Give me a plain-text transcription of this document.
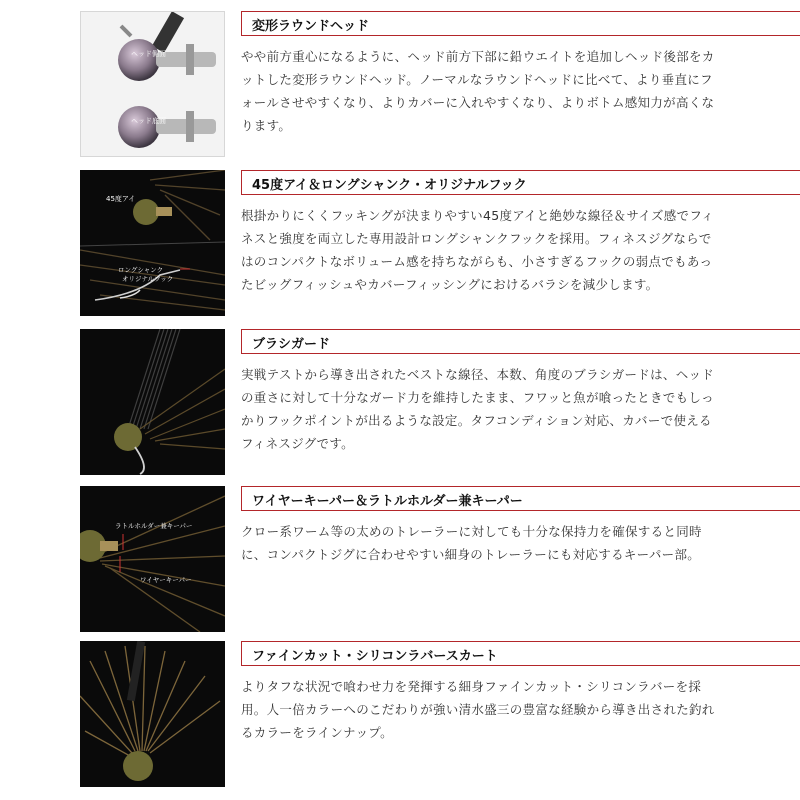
ヘッド側面
ヘッド底面
変形ラウンドヘッド

やや前方重心になるように、ヘッド前方下部に鉛ウエイトを追加しヘッド後部をカットした変形ラウンドヘッド。ノーマルなラウンドヘッドに比べて、より垂直にフォールさせやすくなり、よりカバーに入れやすくなり、よりボトム感知力が高くなります。

45度アイ
ロングシャンク
オリジナルフック
45度アイ＆ロングシャンク・オリジナルフック

根掛かりにくくフッキングが決まりやすい45度アイと絶妙な線径＆サイズ感でフィネスと強度を両立した専用設計ロングシャンクフックを採用。フィネスジグならではのコンパクトなボリューム感を持ちながらも、小さすぎるフックの弱点でもあったビッグフィッシュやカバーフィッシングにおけるバラシを減少します。

ブラシガード

実戦テストから導き出されたベストな線径、本数、角度のブラシガードは、ヘッドの重さに対して十分なガード力を維持したまま、フワッと魚が喰ったときでもしっかりフックポイントが出るような設定。タフコンディション対応、カバーで使えるフィネスジグです。

ラトルホルダー兼キーパー
ワイヤーキーパー
ワイヤーキーパー＆ラトルホルダー兼キーパー

クロー系ワーム等の太めのトレーラーに対しても十分な保持力を確保すると同時に、コンパクトジグに合わせやすい細身のトレーラーにも対応するキーパー部。

ファインカット・シリコンラバースカート

よりタフな状況で喰わせ力を発揮する細身ファインカット・シリコンラバーを採用。人一倍カラーへのこだわりが強い清水盛三の豊富な経験から導き出された釣れるカラーをラインナップ。
